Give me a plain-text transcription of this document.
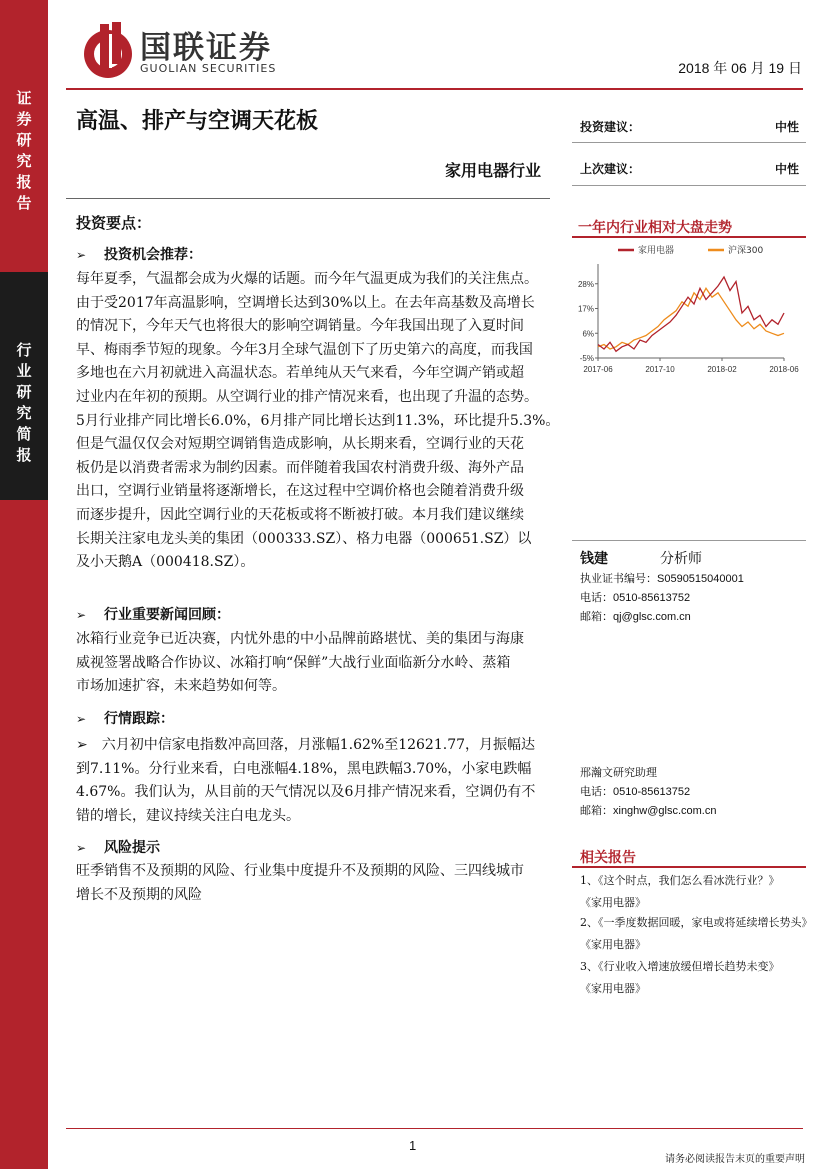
证券研究报告
行业研究简报
国联证券
GUOLIAN SECURITIES	2018 年 06 月 19 日
高温、排产与空调天花板
家用电器行业
投资建议：	中性
上次建议：	中性
投资要点：
➢ 投资机会推荐：
每年夏季，气温都会成为火爆的话题。而今年气温更成为我们的关注焦点。
由于受2017年高温影响，空调增长达到30%以上。在去年高基数及高增长
的情况下，今年天气也将很大的影响空调销量。今年我国出现了入夏时间
早、梅雨季节短的现象。今年3月全球气温创下了历史第六的高度，而我国
多地也在六月初就进入高温状态。若单纯从天气来看，今年空调产销或超
过业内在年初的预期。从空调行业的排产情况来看，也出现了升温的态势。
5月行业排产同比增长6.0%，6月排产同比增长达到11.3%，环比提升5.3%。
但是气温仅仅会对短期空调销售造成影响，从长期来看，空调行业的天花
板仍是以消费者需求为制约因素。而伴随着我国农村消费升级、海外产品
出口，空调行业销量将逐渐增长，在这过程中空调价格也会随着消费升级
而逐步提升，因此空调行业的天花板或将不断被打破。本月我们建议继续
长期关注家电龙头美的集团（000333.SZ）、格力电器（000651.SZ）以
及小天鹅A（000418.SZ）。
➢ 行业重要新闻回顾：
冰箱行业竞争已近决赛，内忧外患的中小品牌前路堪忧、美的集团与海康
威视签署战略合作协议、冰箱打响“保鲜”大战行业面临新分水岭、蒸箱
市场加速扩容，未来趋势如何等。
➢ 行情跟踪：
➢　六月初中信家电指数冲高回落，月涨幅1.62%至12621.77，月振幅达
到7.11%。分行业来看，白电涨幅4.18%，黑电跌幅3.70%，小家电跌幅
4.67%。我们认为，从目前的天气情况以及6月排产情况来看，空调仍有不
错的增长，建议持续关注白电龙头。
➢ 风险提示
旺季销售不及预期的风险、行业集中度提升不及预期的风险、三四线城市
增长不及预期的风险
一年内行业相对大盘走势
28%
17%
6%
-5%
2017-06	2017-10	2018-02	2018-06
家用电器	沪深300
钱建	分析师
执业证书编号：S0590515040001
电话：0510-85613752
邮箱：qj@glsc.com.cn
邢瀚文研究助理
电话：0510-85613752
邮箱：xinghw@glsc.com.cn
相关报告
1、《这个时点，我们怎么看冰洗行业？》
《家用电器》
2、《一季度数据回暖，家电或将延续增长势头》
《家用电器》
3、《行业收入增速放缓但增长趋势未变》
《家用电器》
1
请务必阅读报告末页的重要声明
